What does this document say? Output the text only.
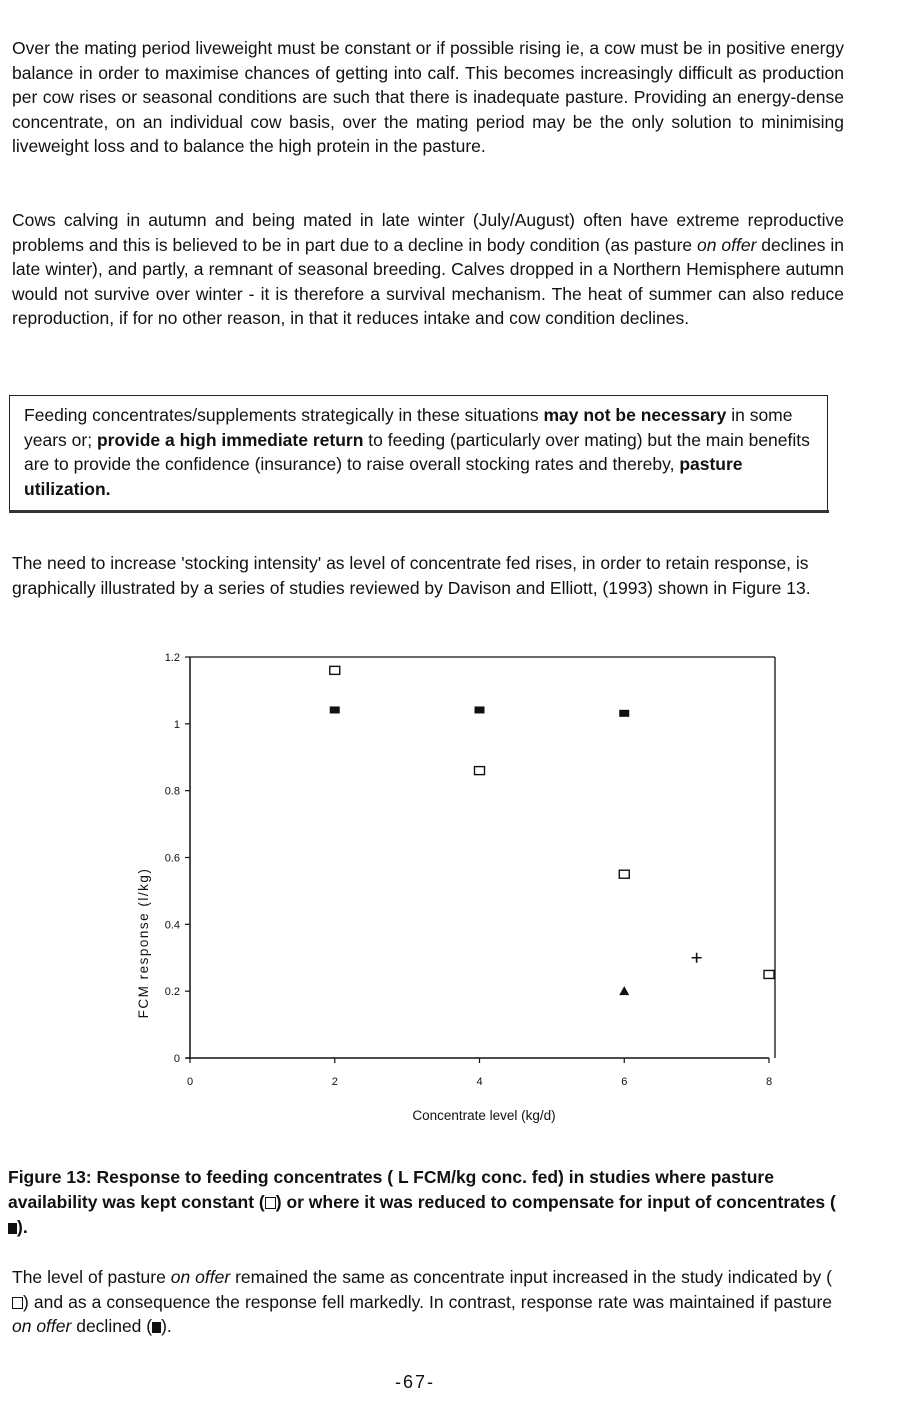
Over the mating period liveweight must be constant or if possible rising ie, a cow must be in positive energy balance in order to maximise chances of getting into calf. This becomes increasingly difficult as production per cow rises or seasonal conditions are such that there is inadequate pasture. Providing an energy-dense concentrate, on an individual cow basis, over the mating period may be the only solution to minimising liveweight loss and to balance the high protein in the pasture.

Cows calving in autumn and being mated in late winter (July/August) often have extreme reproductive problems and this is believed to be in part due to a decline in body condition (as pasture on offer declines in late winter), and partly, a remnant of seasonal breeding. Calves dropped in a Northern Hemisphere autumn would not survive over winter - it is therefore a survival mechanism. The heat of summer can also reduce reproduction, if for no other reason, in that it reduces intake and cow condition declines.

Feeding concentrates/supplements strategically in these situations may not be necessary in some years or; provide a high immediate return to feeding (particularly over mating) but the main benefits are to provide the confidence (insurance) to raise overall stocking rates and thereby, pasture utilization.

The need to increase 'stocking intensity' as level of concentrate fed rises, in order to retain response, is graphically illustrated by a series of studies reviewed by Davison and Elliott, (1993) shown in Figure 13.

0
0.2
0.4
0.6
0.8
1
1.2
0	2	4	6	8
Concentrate level (kg/d)
FCM response (l/kg)

Figure 13: Response to feeding concentrates ( L FCM/kg conc. fed) in studies where pasture availability was kept constant ( ) or where it was reduced to compensate for input of concentrates ().

The level of pasture on offer remained the same as concentrate input increased in the study indicated by () and as a consequence the response fell markedly. In contrast, response rate was maintained if pasture on offer declined ( ).

-67-
